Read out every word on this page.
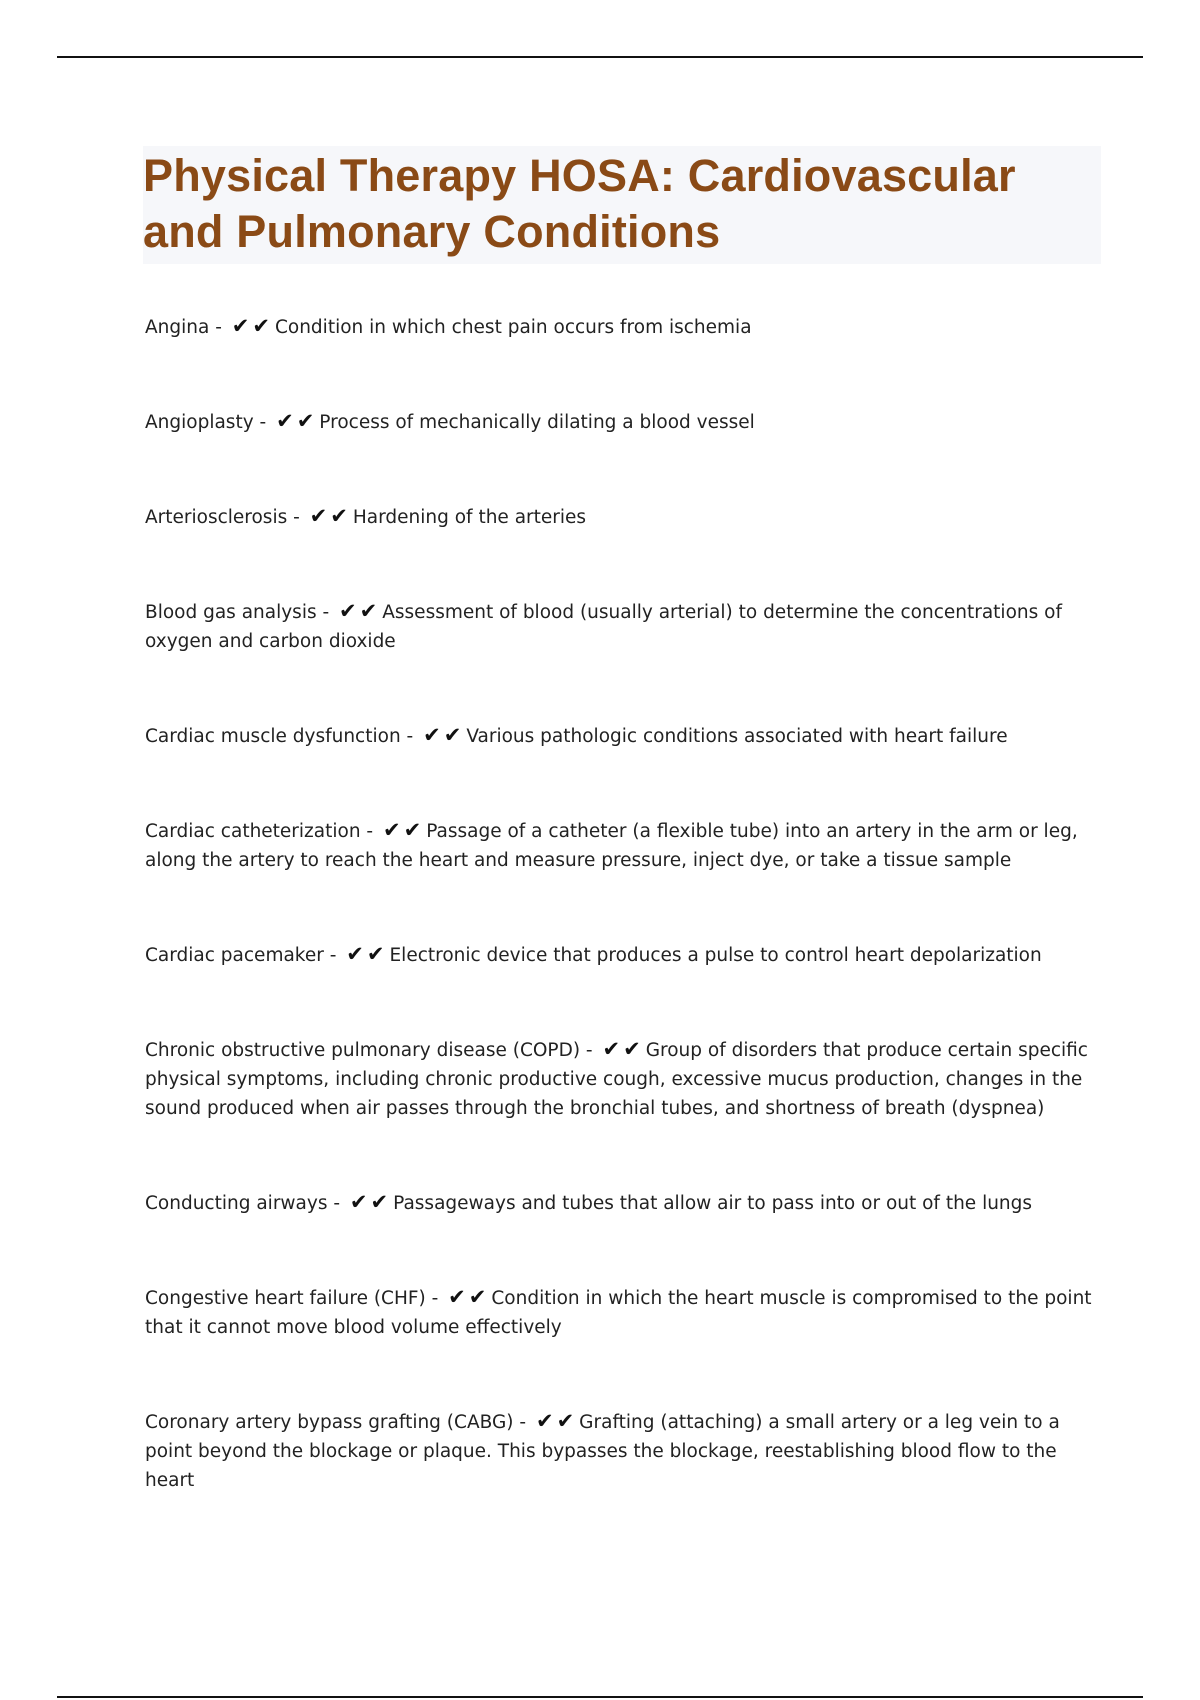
Physical Therapy HOSA: Cardiovascular and Pulmonary Conditions
Angina - ✔✔ Condition in which chest pain occurs from ischemia
Angioplasty - ✔✔ Process of mechanically dilating a blood vessel
Arteriosclerosis - ✔✔ Hardening of the arteries
Blood gas analysis - ✔✔ Assessment of blood (usually arterial) to determine the concentrations of oxygen and carbon dioxide
Cardiac muscle dysfunction - ✔✔ Various pathologic conditions associated with heart failure
Cardiac catheterization - ✔✔ Passage of a catheter (a flexible tube) into an artery in the arm or leg, along the artery to reach the heart and measure pressure, inject dye, or take a tissue sample
Cardiac pacemaker - ✔✔ Electronic device that produces a pulse to control heart depolarization
Chronic obstructive pulmonary disease (COPD) - ✔✔ Group of disorders that produce certain specific physical symptoms, including chronic productive cough, excessive mucus production, changes in the sound produced when air passes through the bronchial tubes, and shortness of breath (dyspnea)
Conducting airways - ✔✔ Passageways and tubes that allow air to pass into or out of the lungs
Congestive heart failure (CHF) - ✔✔ Condition in which the heart muscle is compromised to the point that it cannot move blood volume effectively
Coronary artery bypass grafting (CABG) - ✔✔ Grafting (attaching) a small artery or a leg vein to a point beyond the blockage or plaque. This bypasses the blockage, reestablishing blood flow to the heart
